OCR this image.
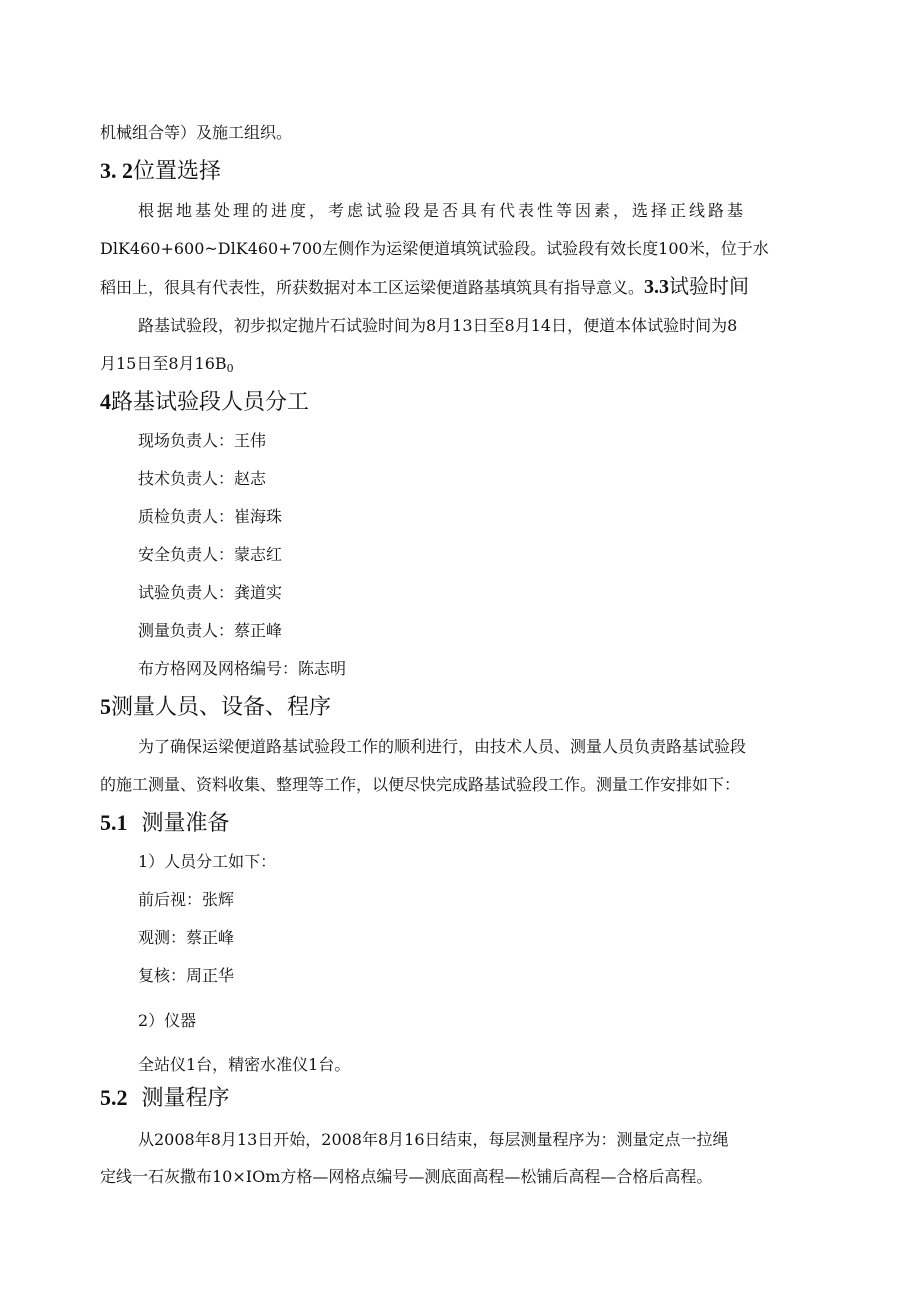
机械组合等）及施工组织。
3. 2位置选择
根据地基处理的进度，考虑试验段是否具有代表性等因素，选择正线路基
DlK460+600~DlK460+700左侧作为运梁便道填筑试验段。试验段有效长度100米，位于水
稻田上，很具有代表性，所获数据对本工区运梁便道路基填筑具有指导意义。3.3试验时间
路基试验段，初步拟定抛片石试验时间为8月13日至8月14日，便道本体试验时间为8
月15日至8月$16B_0$
4路基试验段人员分工
现场负责人：王伟
技术负责人：赵志
质检负责人：崔海珠
安全负责人：蒙志红
试验负责人：龚道实
测量负责人：蔡正峰
布方格网及网格编号：陈志明
5测量人员、设备、程序
为了确保运梁便道路基试验段工作的顺利进行，由技术人员、测量人员负责路基试验段
的施工测量、资料收集、整理等工作，以便尽快完成路基试验段工作。测量工作安排如下：
5.1 测量准备
1）人员分工如下：
前后视：张辉
观测：蔡正峰
复核：周正华
2）仪器
全站仪1台，精密水准仪1台。
5.2 测量程序
从2008年8月13日开始，2008年8月16日结束，每层测量程序为：测量定点一拉绳
定线一石灰撒布10×IOm方格—网格点编号—测底面高程—松铺后高程—合格后高程。
